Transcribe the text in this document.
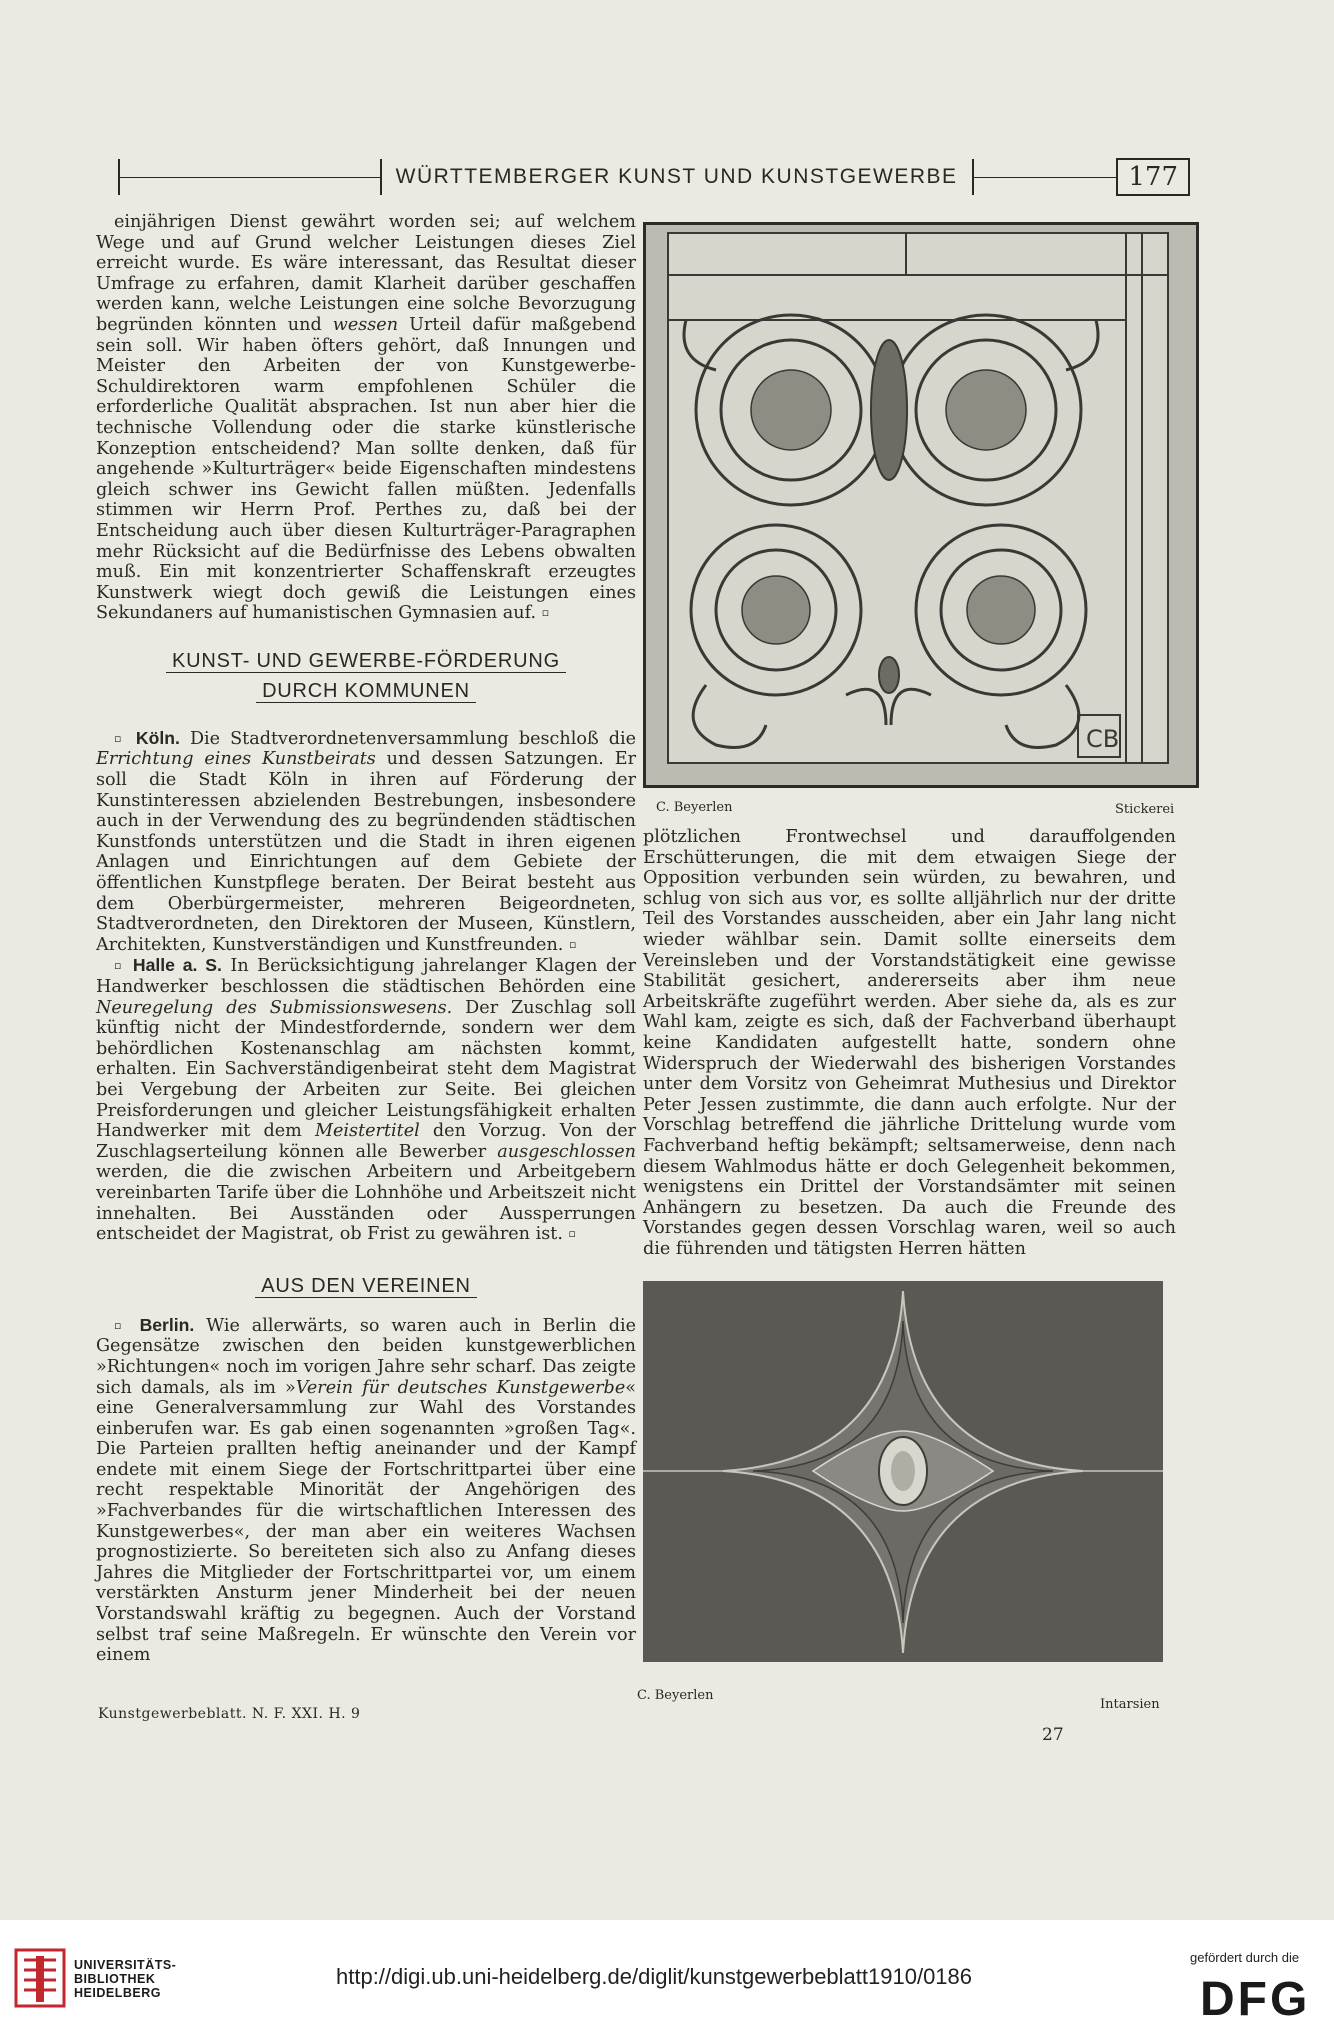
WÜRTTEMBERGER KUNST UND KUNSTGEWERBE	177

einjährigen Dienst gewährt worden sei; auf welchem Wege und auf Grund welcher Leistungen dieses Ziel erreicht wurde. Es wäre interessant, das Resultat dieser Umfrage zu erfahren, damit Klarheit darüber geschaffen werden kann, welche Leistungen eine solche Bevorzugung begründen könnten und wessen Urteil dafür maßgebend sein soll. Wir haben öfters gehört, daß Innungen und Meister den Arbeiten der von Kunstgewerbe-Schuldirektoren warm empfohlenen Schüler die erforderliche Qualität absprachen. Ist nun aber hier die technische Vollendung oder die starke künstlerische Konzeption entscheidend? Man sollte denken, daß für angehende »Kulturträger« beide Eigenschaften mindestens gleich schwer ins Gewicht fallen müßten. Jedenfalls stimmen wir Herrn Prof. Perthes zu, daß bei der Entscheidung auch über diesen Kulturträger-Paragraphen mehr Rücksicht auf die Bedürfnisse des Lebens obwalten muß. Ein mit konzentrierter Schaffenskraft erzeugtes Kunstwerk wiegt doch gewiß die Leistungen eines Sekundaners auf humanistischen Gymnasien auf. ▫

KUNST- UND GEWERBE-FÖRDERUNG
DURCH KOMMUNEN

▫ Köln. Die Stadtverordnetenversammlung beschloß die Errichtung eines Kunstbeirats und dessen Satzungen. Er soll die Stadt Köln in ihren auf Förderung der Kunstinteressen abzielenden Bestrebungen, insbesondere auch in der Verwendung des zu begründenden städtischen Kunstfonds unterstützen und die Stadt in ihren eigenen Anlagen und Einrichtungen auf dem Gebiete der öffentlichen Kunstpflege beraten. Der Beirat besteht aus dem Oberbürgermeister, mehreren Beigeordneten, Stadtverordneten, den Direktoren der Museen, Künstlern, Architekten, Kunstverständigen und Kunstfreunden. ▫

▫ Halle a. S. In Berücksichtigung jahrelanger Klagen der Handwerker beschlossen die städtischen Behörden eine Neuregelung des Submissionswesens. Der Zuschlag soll künftig nicht der Mindestfordernde, sondern wer dem behördlichen Kostenanschlag am nächsten kommt, erhalten. Ein Sachverständigenbeirat steht dem Magistrat bei Vergebung der Arbeiten zur Seite. Bei gleichen Preisforderungen und gleicher Leistungsfähigkeit erhalten Handwerker mit dem Meistertitel den Vorzug. Von der Zuschlagserteilung können alle Bewerber ausgeschlossen werden, die die zwischen Arbeitern und Arbeitgebern vereinbarten Tarife über die Lohnhöhe und Arbeitszeit nicht innehalten. Bei Ausständen oder Aussperrungen entscheidet der Magistrat, ob Frist zu gewähren ist. ▫

AUS DEN VEREINEN

▫ Berlin. Wie allerwärts, so waren auch in Berlin die Gegensätze zwischen den beiden kunstgewerblichen »Richtungen« noch im vorigen Jahre sehr scharf. Das zeigte sich damals, als im »Verein für deutsches Kunstgewerbe« eine Generalversammlung zur Wahl des Vorstandes einberufen war. Es gab einen sogenannten »großen Tag«. Die Parteien prallten heftig aneinander und der Kampf endete mit einem Siege der Fortschrittpartei über eine recht respektable Minorität der Angehörigen des »Fachverbandes für die wirtschaftlichen Interessen des Kunstgewerbes«, der man aber ein weiteres Wachsen prognostizierte. So bereiteten sich also zu Anfang dieses Jahres die Mitglieder der Fortschrittpartei vor, um einem verstärkten Ansturm jener Minderheit bei der neuen Vorstandswahl kräftig zu begegnen. Auch der Vorstand selbst traf seine Maßregeln. Er wünschte den Verein vor einem

CB
C. Beyerlen	Stickerei

plötzlichen Frontwechsel und darauffolgenden Erschütterungen, die mit dem etwaigen Siege der Opposition verbunden sein würden, zu bewahren, und schlug von sich aus vor, es sollte alljährlich nur der dritte Teil des Vorstandes ausscheiden, aber ein Jahr lang nicht wieder wählbar sein. Damit sollte einerseits dem Vereinsleben und der Vorstandstätigkeit eine gewisse Stabilität gesichert, andererseits aber ihm neue Arbeitskräfte zugeführt werden. Aber siehe da, als es zur Wahl kam, zeigte es sich, daß der Fachverband überhaupt keine Kandidaten aufgestellt hatte, sondern ohne Widerspruch der Wiederwahl des bisherigen Vorstandes unter dem Vorsitz von Geheimrat Muthesius und Direktor Peter Jessen zustimmte, die dann auch erfolgte. Nur der Vorschlag betreffend die jährliche Drittelung wurde vom Fachverband heftig bekämpft; seltsamerweise, denn nach diesem Wahlmodus hätte er doch Gelegenheit bekommen, wenigstens ein Drittel der Vorstandsämter mit seinen Anhängern zu besetzen. Da auch die Freunde des Vorstandes gegen dessen Vorschlag waren, weil so auch die führenden und tätigsten Herren hätten

C. Beyerlen
Intarsien
Kunstgewerbeblatt. N. F. XXI. H. 9
27
UNIVERSITÄTS-
BIBLIOTHEK
HEIDELBERG
http://digi.ub.uni-heidelberg.de/diglit/kunstgewerbeblatt1910/0186
gefördert durch die
DFG
